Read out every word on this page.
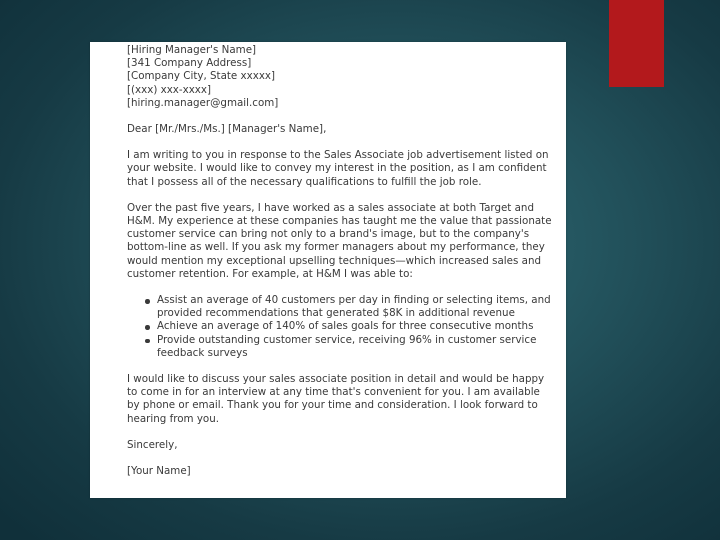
[Hiring Manager's Name]
[341 Company Address]
[Company City, State xxxxx]
[(xxx) xxx-xxxx]
[hiring.manager@gmail.com]

Dear [Mr./Mrs./Ms.] [Manager's Name],

I am writing to you in response to the Sales Associate job advertisement listed on your website. I would like to convey my interest in the position, as I am confident that I possess all of the necessary qualifications to fulfill the job role.

Over the past five years, I have worked as a sales associate at both Target and H&M. My experience at these companies has taught me the value that passionate customer service can bring not only to a brand's image, but to the company's bottom-line as well. If you ask my former managers about my performance, they would mention my exceptional upselling techniques—which increased sales and customer retention. For example, at H&M I was able to:

Assist an average of 40 customers per day in finding or selecting items, and provided recommendations that generated $8K in additional revenue
Achieve an average of 140% of sales goals for three consecutive months
Provide outstanding customer service, receiving 96% in customer service feedback surveys

I would like to discuss your sales associate position in detail and would be happy to come in for an interview at any time that's convenient for you. I am available by phone or email. Thank you for your time and consideration. I look forward to hearing from you.

Sincerely,

[Your Name]
